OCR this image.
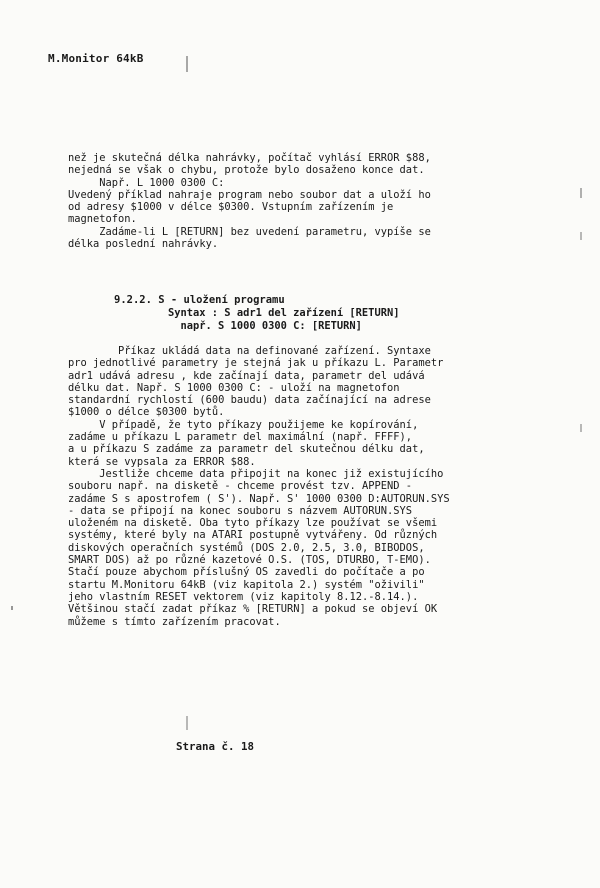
M.Monitor 64kB

než je skutečná délka nahrávky, počítač vyhlásí ERROR $88,

nejedná se však o chybu, protože bylo dosaženo konce dat.

Např. L 1000 0300 C:

Uvedený příklad nahraje program nebo soubor dat a uloží ho

od adresy $1000 v délce $0300. Vstupním zařízením je

magnetofon.

Zadáme-li L [RETURN] bez uvedení parametru, vypíše se

délka poslední nahrávky.

9.2.2. S - uložení programu

Syntax : S adr1 del zařízení [RETURN]

např. S 1000 0300 C: [RETURN]

Příkaz ukládá data na definované zařízení. Syntaxe

pro jednotlivé parametry je stejná jak u příkazu L. Parametr

adr1 udává adresu , kde začínají data, parametr del udává

délku dat. Např. S 1000 0300 C: - uloží na magnetofon

standardní rychlostí (600 baudu) data začínající na adrese

$1000 o délce $0300 bytů.

V případě, že tyto příkazy použijeme ke kopírování,

zadáme u příkazu L parametr del maximální (např. FFFF),

a u příkazu S zadáme za parametr del skutečnou délku dat,

která se vypsala za ERROR $88.

Jestliže chceme data připojit na konec již existujícího

souboru např. na disketě - chceme provést tzv. APPEND -

zadáme S s apostrofem ( S'). Např. S' 1000 0300 D:AUTORUN.SYS

- data se připojí na konec souboru s názvem AUTORUN.SYS

uloženém na disketě. Oba tyto příkazy lze používat se všemi

systémy, které byly na ATARI postupně vytvářeny. Od různých

diskových operačních systémů (DOS 2.0, 2.5, 3.0, BIBODOS,

SMART DOS) až po různé kazetové O.S. (TOS, DTURBO, T-EMO).

Stačí pouze abychom příslušný OS zavedli do počítače a po

startu M.Monitoru 64kB (viz kapitola 2.) systém "oživili"

jeho vlastním RESET vektorem (viz kapitoly 8.12.-8.14.).

Většinou stačí zadat příkaz % [RETURN] a pokud se objeví OK

můžeme s tímto zařízením pracovat.

Strana č. 18
